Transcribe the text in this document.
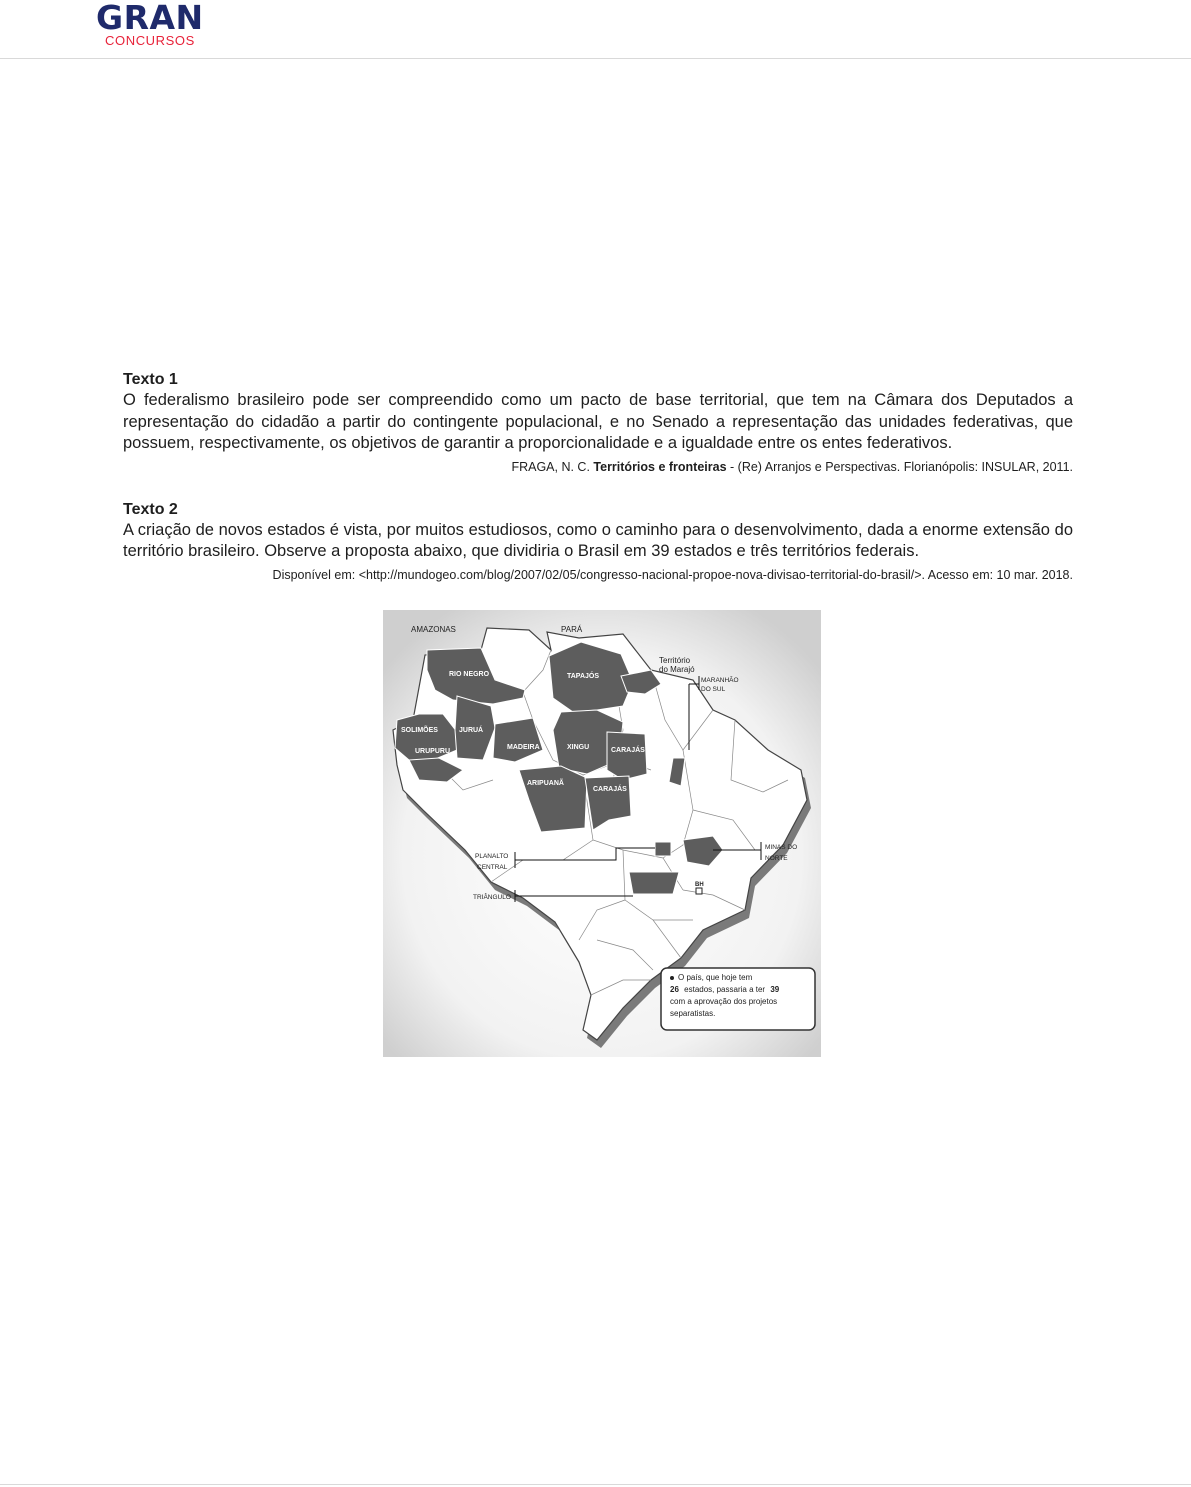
GRAN
CONCURSOS

Texto 1

O federalismo brasileiro pode ser compreendido como um pacto de base territorial, que tem na Câmara dos Deputados a representação do cidadão a partir do contingente populacional, e no Senado a representação das unidades federativas, que possuem, respectivamente, os objetivos de garantir a proporcionalidade e a igualdade entre os entes federativos.

FRAGA, N. C. Territórios e fronteiras - (Re) Arranjos e Perspectivas. Florianópolis: INSULAR, 2011.

Texto 2

A criação de novos estados é vista, por muitos estudiosos, como o caminho para o desenvolvimento, dada a enorme extensão do território brasileiro. Observe a proposta abaixo, que dividiria o Brasil em 39 estados e três territórios federais.

Disponível em: <http://mundogeo.com/blog/2007/02/05/congresso-nacional-propoe-nova-divisao-territorial-do-brasil/>. Acesso em: 10 mar. 2018.

AMAZONAS	PARÁ
Território
do Marajó
MARANHÃO
DO SUL
RIO NEGRO	TAPAJÓS
SOLIMÕES	JURUÁ
URUPURU
MADEIRA	XINGU	CARAJÁS
ARIPUANÃ
CARAJÁS
PLANALTO
CENTRAL
MINAS DO
NORTE
TRIÂNGULO
BH
O país, que hoje tem
26 estados, passaria a ter 39
com a aprovação dos projetos
separatistas.
